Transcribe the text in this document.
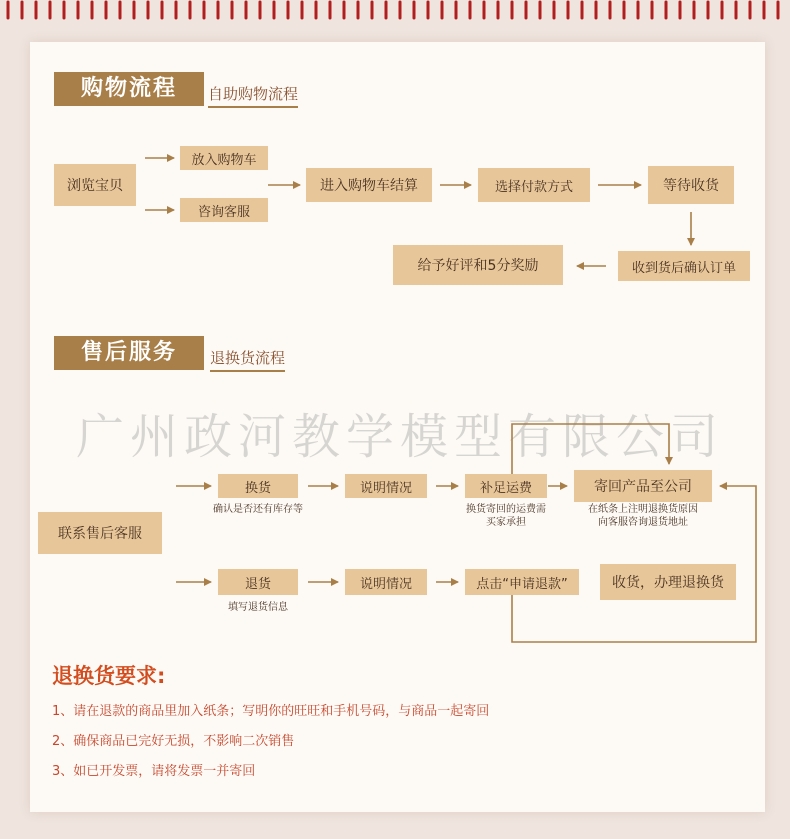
购物流程	自助购物流程
浏览宝贝
放入购物车
咨询客服
进入购物车结算	选择付款方式	等待收货
收到货后确认订单
给予好评和5分奖励
售后服务	退换货流程
广州政河教学模型有限公司
联系售后客服
换货
确认是否还有库存等
说明情况	补足运费
换货寄回的运费需
买家承担
寄回产品至公司
在纸条上注明退换货原因
向客服咨询退货地址
退货
填写退货信息
说明情况	点击“申请退款”	收货，办理退换货
退换货要求:
1、请在退款的商品里加入纸条；写明你的旺旺和手机号码，与商品一起寄回
2、确保商品已完好无损，不影响二次销售
3、如已开发票，请将发票一并寄回
